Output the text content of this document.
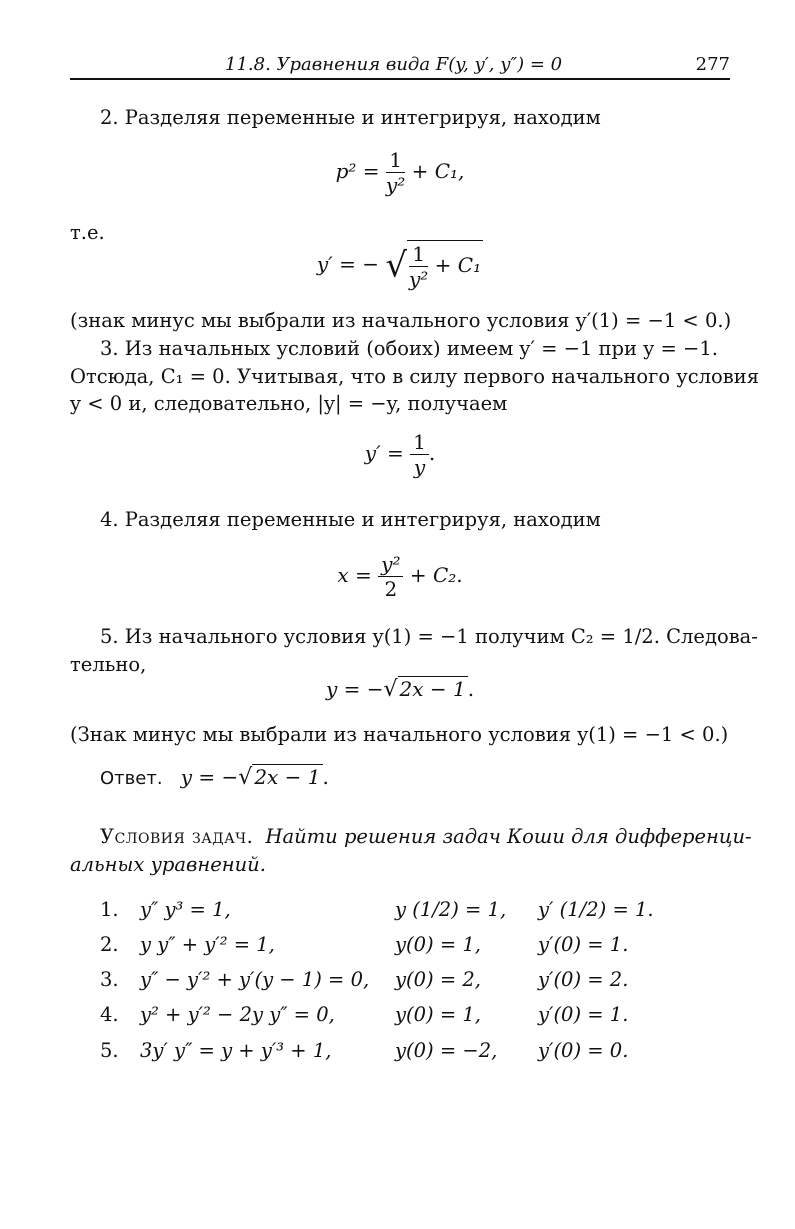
11.8. Уравнения вида F(y, y′, y″) = 0	277
2. Разделяя переменные и интегрируя, находим
$p^2 = \frac{1}{\text{y²}} + C_1$,
т.е.
y′ = − √ $\frac{1}{\text{y²}} + C_1$
(знак минус мы выбрали из начального условия y′(1) = −1 < 0.)
3. Из начальных условий (обоих) имеем y′ = −1 при y = −1.
Отсюда, C₁ = 0. Учитывая, что в силу первого начального условия
y < 0 и, следовательно, |y| = −y, получаем
$y' = \frac{1}{y}$ .
4. Разделяя переменные и интегрируя, находим
$x = \frac{\text{y²}}{2} + C_2$.
5. Из начального условия y(1) = −1 получим C₂ = 1/2. Следова-
тельно,
y = −√ 2x − 1 .
(Знак минус мы выбрали из начального условия y(1) = −1 < 0.)
Ответ. y = −√ 2x − 1 .
Условия задач. Найти решения задач Коши для дифференци-
альных уравнений.
1. y″ y³ = 1,	y (1/2) = 1, y′ (1/2) = 1.
2. y y″ + y′² = 1,	y(0) = 1,	y′(0) = 1.
3. y″ − y′² + y′(y − 1) = 0, y(0) = 2,	y′(0) = 2.
4. y² + y′² − 2y y″ = 0,	y(0) = 1,	y′(0) = 1.
5. 3y′ y″ = y + y′³ + 1,	y(0) = −2, y′(0) = 0.
